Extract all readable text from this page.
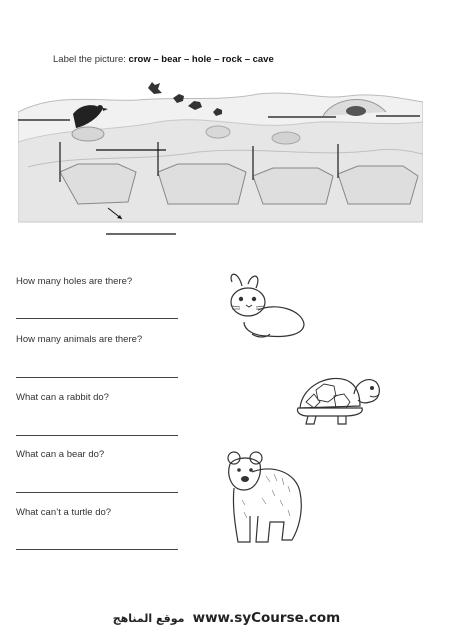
Label the picture: crow – bear – hole – rock – cave
How many holes are there?
How many animals are there?
What can a rabbit do?
What can a bear do?
What can’t a turtle do?
موقع المناهج www.syCourse.com
